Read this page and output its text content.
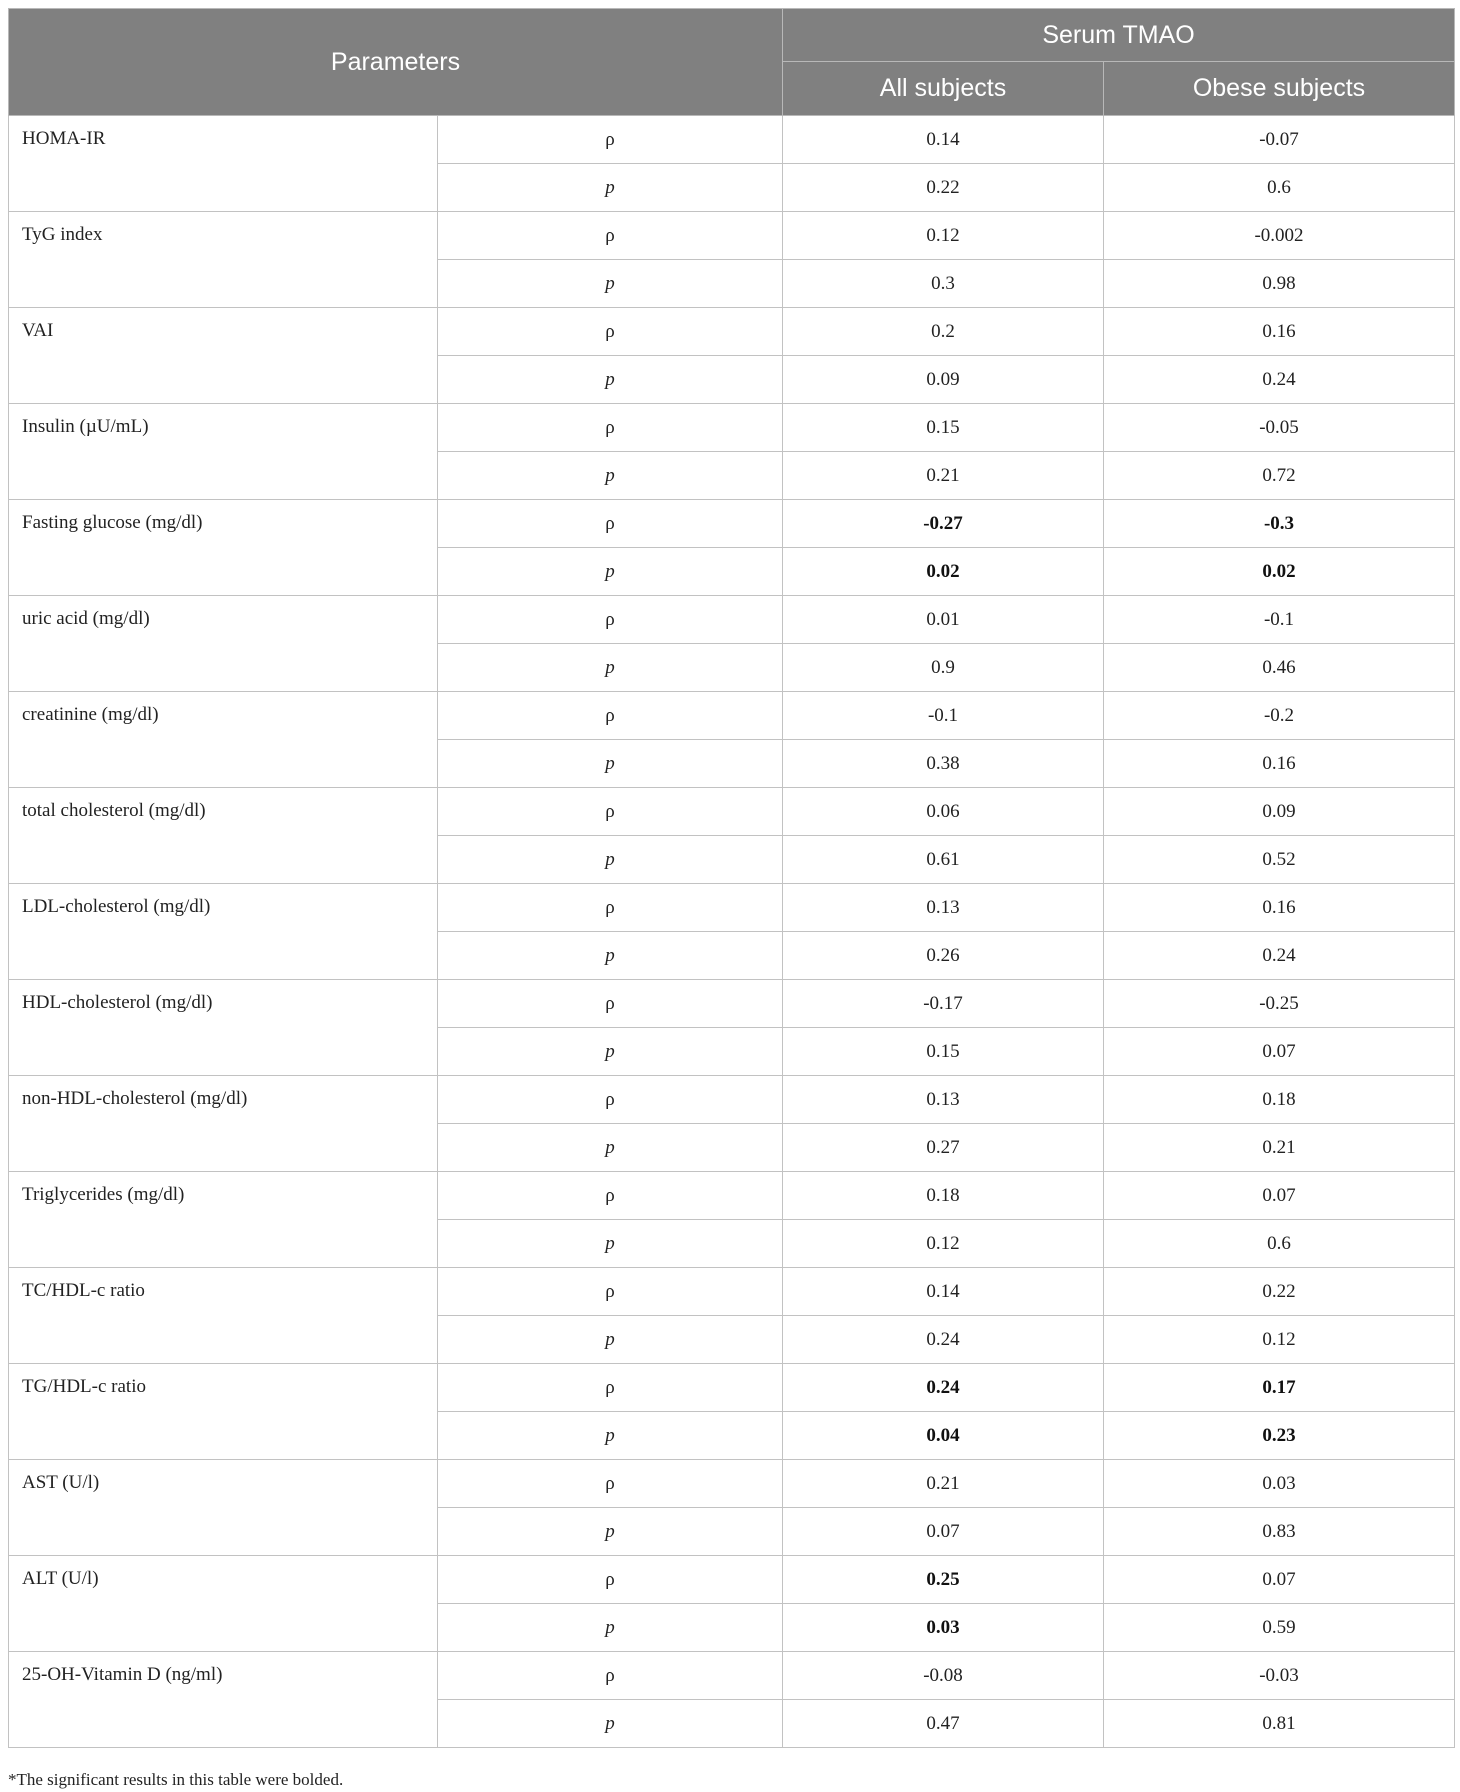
Parameters		Serum TMAO	
		All subjects	Obese subjects
HOMA-IR	ρ	0.14	-0.07
	p	0.22	0.6
TyG index	ρ	0.12	-0.002
	p	0.3	0.98
VAI	ρ	0.2	0.16
	p	0.09	0.24
Insulin (µU/mL)	ρ	0.15	-0.05
	p	0.21	0.72
Fasting glucose (mg/dl)	ρ	-0.27	-0.3
	p	0.02	0.02
uric acid (mg/dl)	ρ	0.01	-0.1
	p	0.9	0.46
creatinine (mg/dl)	ρ	-0.1	-0.2
	p	0.38	0.16
total cholesterol (mg/dl)	ρ	0.06	0.09
	p	0.61	0.52
LDL-cholesterol (mg/dl)	ρ	0.13	0.16
	p	0.26	0.24
HDL-cholesterol (mg/dl)	ρ	-0.17	-0.25
	p	0.15	0.07
non-HDL-cholesterol (mg/dl)	ρ	0.13	0.18
	p	0.27	0.21
Triglycerides (mg/dl)	ρ	0.18	0.07
	p	0.12	0.6
TC/HDL-c ratio	ρ	0.14	0.22
	p	0.24	0.12
TG/HDL-c ratio	ρ	0.24	0.17
	p	0.04	0.23
AST (U/l)	ρ	0.21	0.03
	p	0.07	0.83
ALT (U/l)	ρ	0.25	0.07
	p	0.03	0.59
25-OH-Vitamin D (ng/ml)	ρ	-0.08	-0.03
	p	0.47	0.81
*The significant results in this table were bolded.
